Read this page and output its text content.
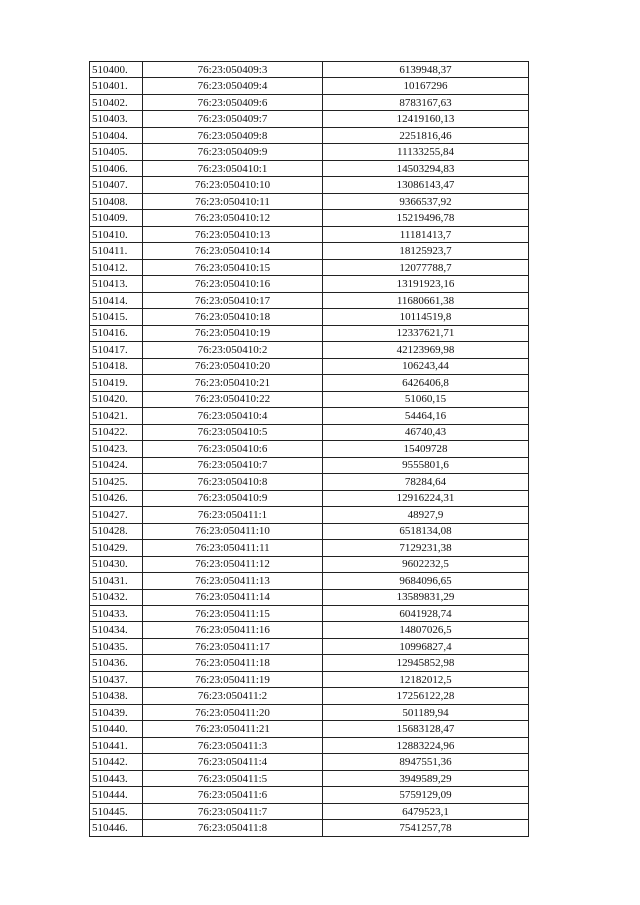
510400.	76:23:050409:3	6139948,37
510401.	76:23:050409:4	10167296
510402.	76:23:050409:6	8783167,63
510403.	76:23:050409:7	12419160,13
510404.	76:23:050409:8	2251816,46
510405.	76:23:050409:9	11133255,84
510406.	76:23:050410:1	14503294,83
510407.	76:23:050410:10	13086143,47
510408.	76:23:050410:11	9366537,92
510409.	76:23:050410:12	15219496,78
510410.	76:23:050410:13	11181413,7
510411.	76:23:050410:14	18125923,7
510412.	76:23:050410:15	12077788,7
510413.	76:23:050410:16	13191923,16
510414.	76:23:050410:17	11680661,38
510415.	76:23:050410:18	10114519,8
510416.	76:23:050410:19	12337621,71
510417.	76:23:050410:2	42123969,98
510418.	76:23:050410:20	106243,44
510419.	76:23:050410:21	6426406,8
510420.	76:23:050410:22	51060,15
510421.	76:23:050410:4	54464,16
510422.	76:23:050410:5	46740,43
510423.	76:23:050410:6	15409728
510424.	76:23:050410:7	9555801,6
510425.	76:23:050410:8	78284,64
510426.	76:23:050410:9	12916224,31
510427.	76:23:050411:1	48927,9
510428.	76:23:050411:10	6518134,08
510429.	76:23:050411:11	7129231,38
510430.	76:23:050411:12	9602232,5
510431.	76:23:050411:13	9684096,65
510432.	76:23:050411:14	13589831,29
510433.	76:23:050411:15	6041928,74
510434.	76:23:050411:16	14807026,5
510435.	76:23:050411:17	10996827,4
510436.	76:23:050411:18	12945852,98
510437.	76:23:050411:19	12182012,5
510438.	76:23:050411:2	17256122,28
510439.	76:23:050411:20	501189,94
510440.	76:23:050411:21	15683128,47
510441.	76:23:050411:3	12883224,96
510442.	76:23:050411:4	8947551,36
510443.	76:23:050411:5	3949589,29
510444.	76:23:050411:6	5759129,09
510445.	76:23:050411:7	6479523,1
510446.	76:23:050411:8	7541257,78
